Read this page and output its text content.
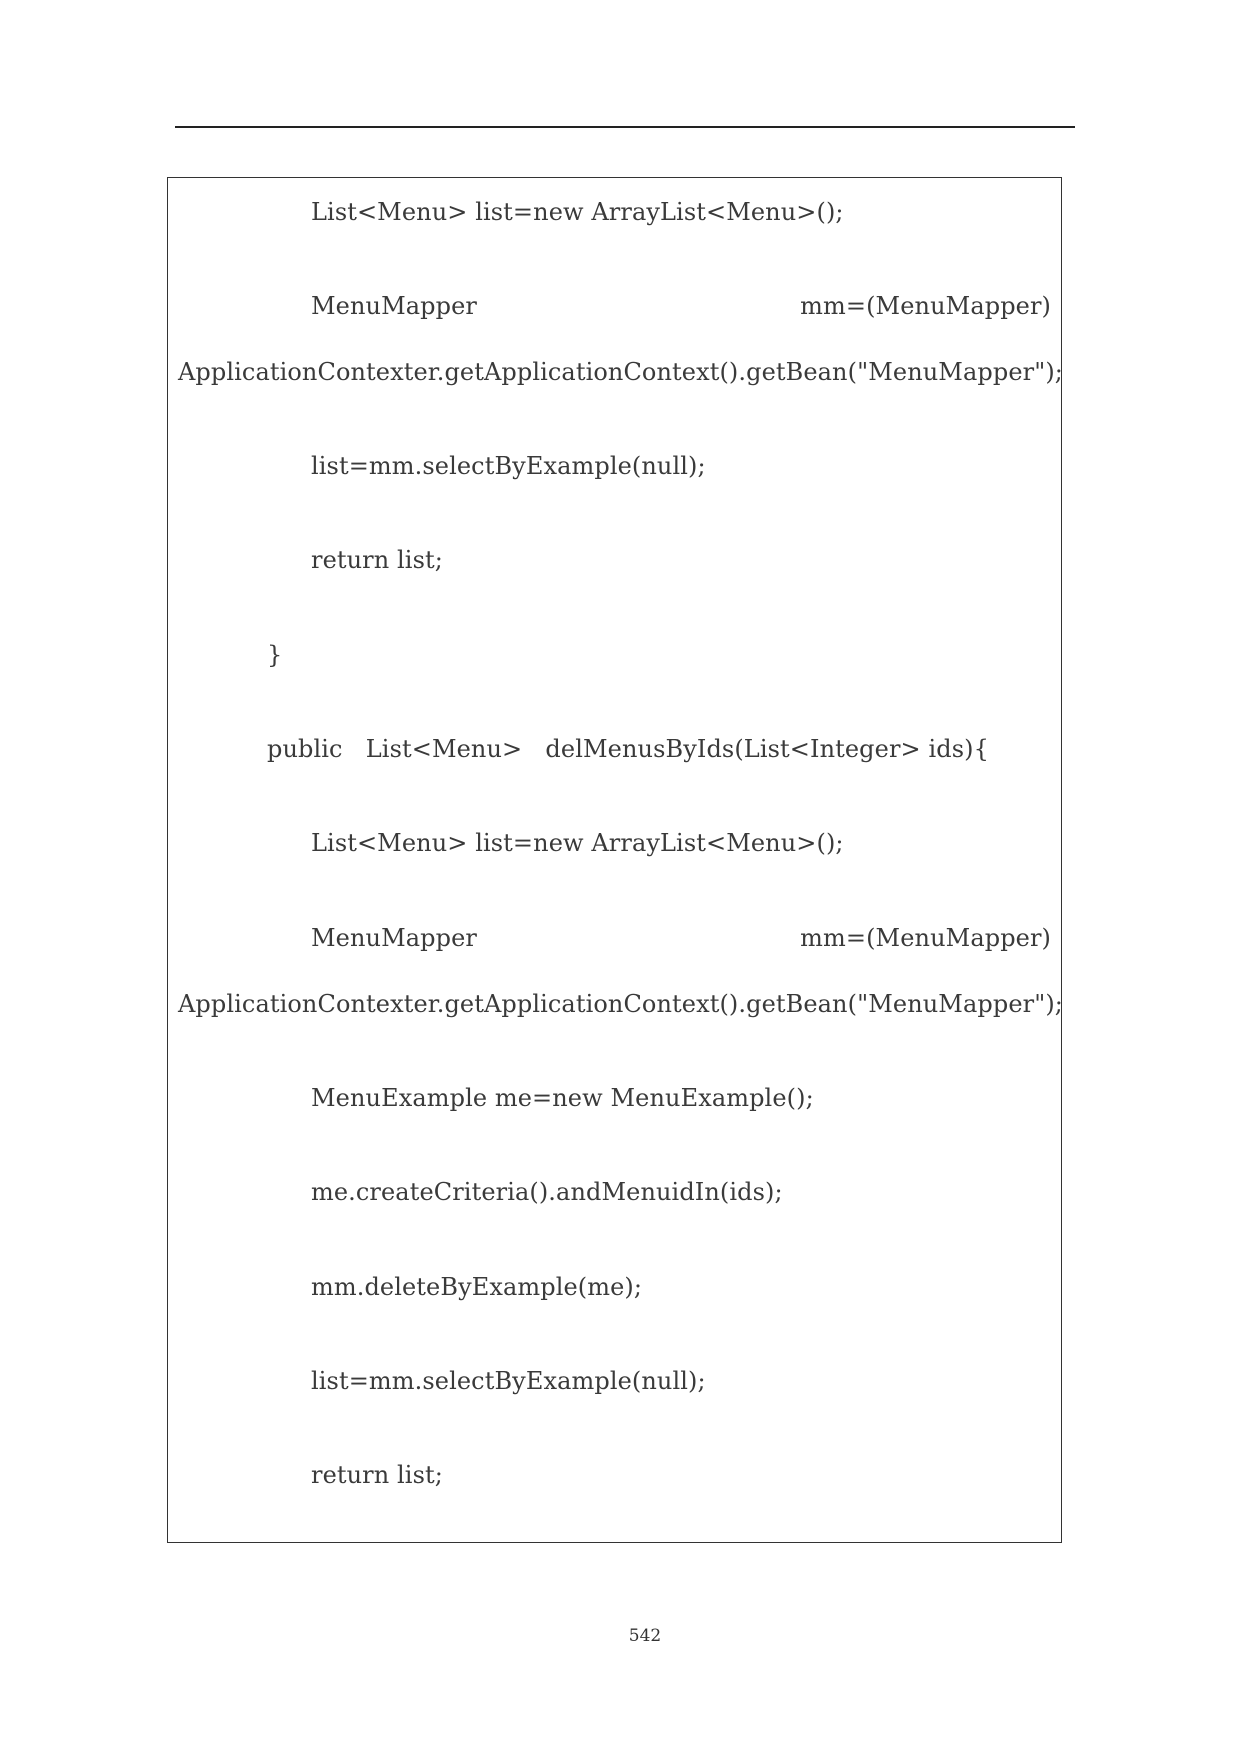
List<Menu> list=new ArrayList<Menu>();
MenuMapper	mm=(MenuMapper)
ApplicationContexter.getApplicationContext().getBean("MenuMapper");
list=mm.selectByExample(null);
return list;
}
public   List<Menu>   delMenusByIds(List<Integer> ids){
List<Menu> list=new ArrayList<Menu>();
MenuMapper	mm=(MenuMapper)
ApplicationContexter.getApplicationContext().getBean("MenuMapper");
MenuExample me=new MenuExample();
me.createCriteria().andMenuidIn(ids);
mm.deleteByExample(me);
list=mm.selectByExample(null);
return list;
542
